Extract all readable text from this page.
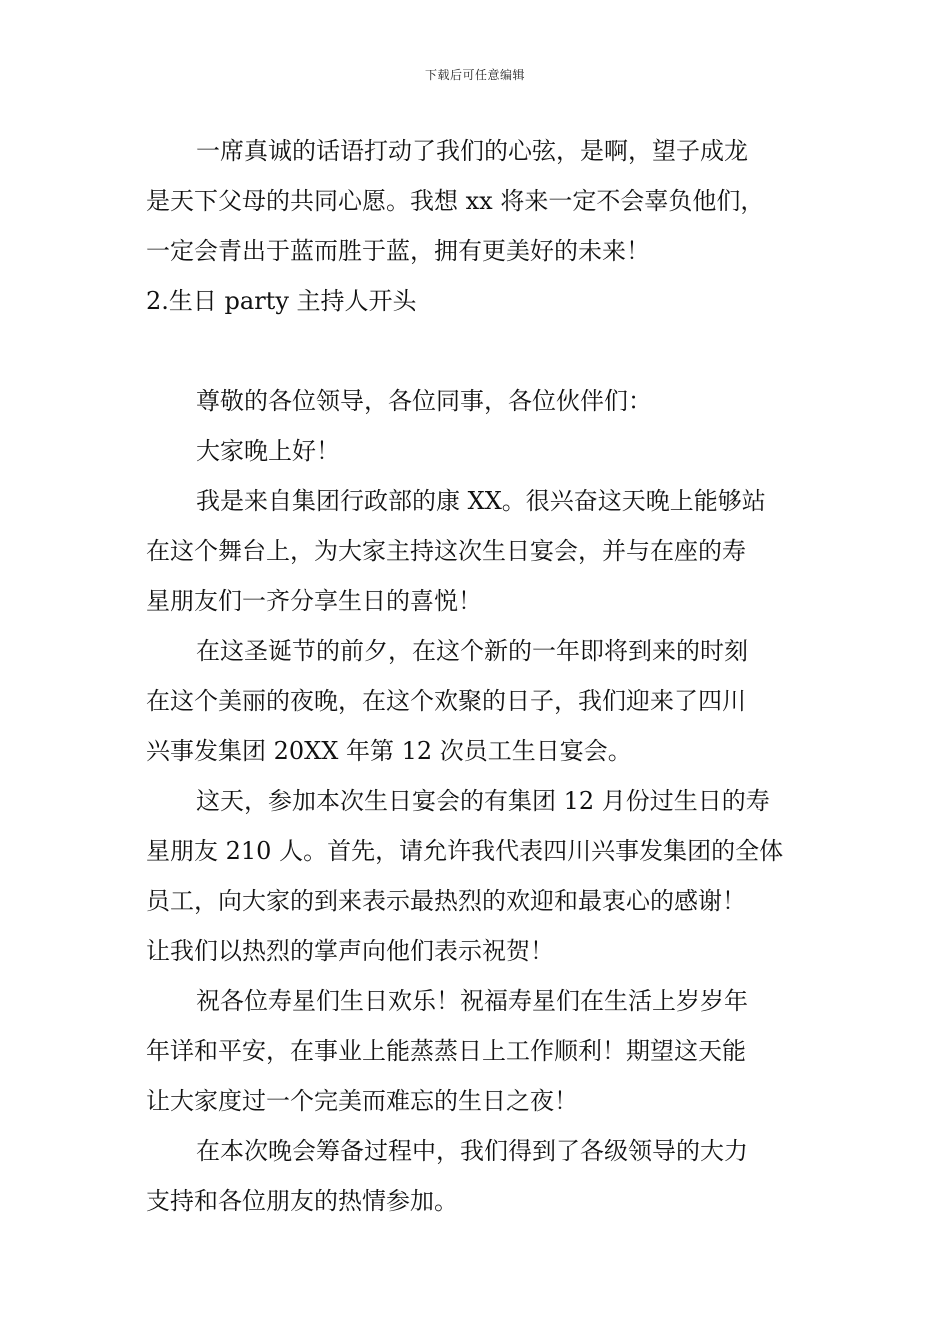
下载后可任意编辑

一席真诚的话语打动了我们的心弦，是啊，望子成龙

是天下父母的共同心愿。我想 xx 将来一定不会辜负他们，

一定会青出于蓝而胜于蓝，拥有更美好的未来！

2.生日 party 主持人开头

尊敬的各位领导，各位同事，各位伙伴们：

大家晚上好！

我是来自集团行政部的康 XX。很兴奋这天晚上能够站

在这个舞台上，为大家主持这次生日宴会，并与在座的寿

星朋友们一齐分享生日的喜悦！

在这圣诞节的前夕，在这个新的一年即将到来的时刻

在这个美丽的夜晚，在这个欢聚的日子，我们迎来了四川

兴事发集团 20XX 年第 12 次员工生日宴会。

这天，参加本次生日宴会的有集团 12 月份过生日的寿

星朋友 210 人。首先，请允许我代表四川兴事发集团的全体

员工，向大家的到来表示最热烈的欢迎和最衷心的感谢！

让我们以热烈的掌声向他们表示祝贺！

祝各位寿星们生日欢乐！祝福寿星们在生活上岁岁年

年详和平安，在事业上能蒸蒸日上工作顺利！期望这天能

让大家度过一个完美而难忘的生日之夜！

在本次晚会筹备过程中，我们得到了各级领导的大力

支持和各位朋友的热情参加。
